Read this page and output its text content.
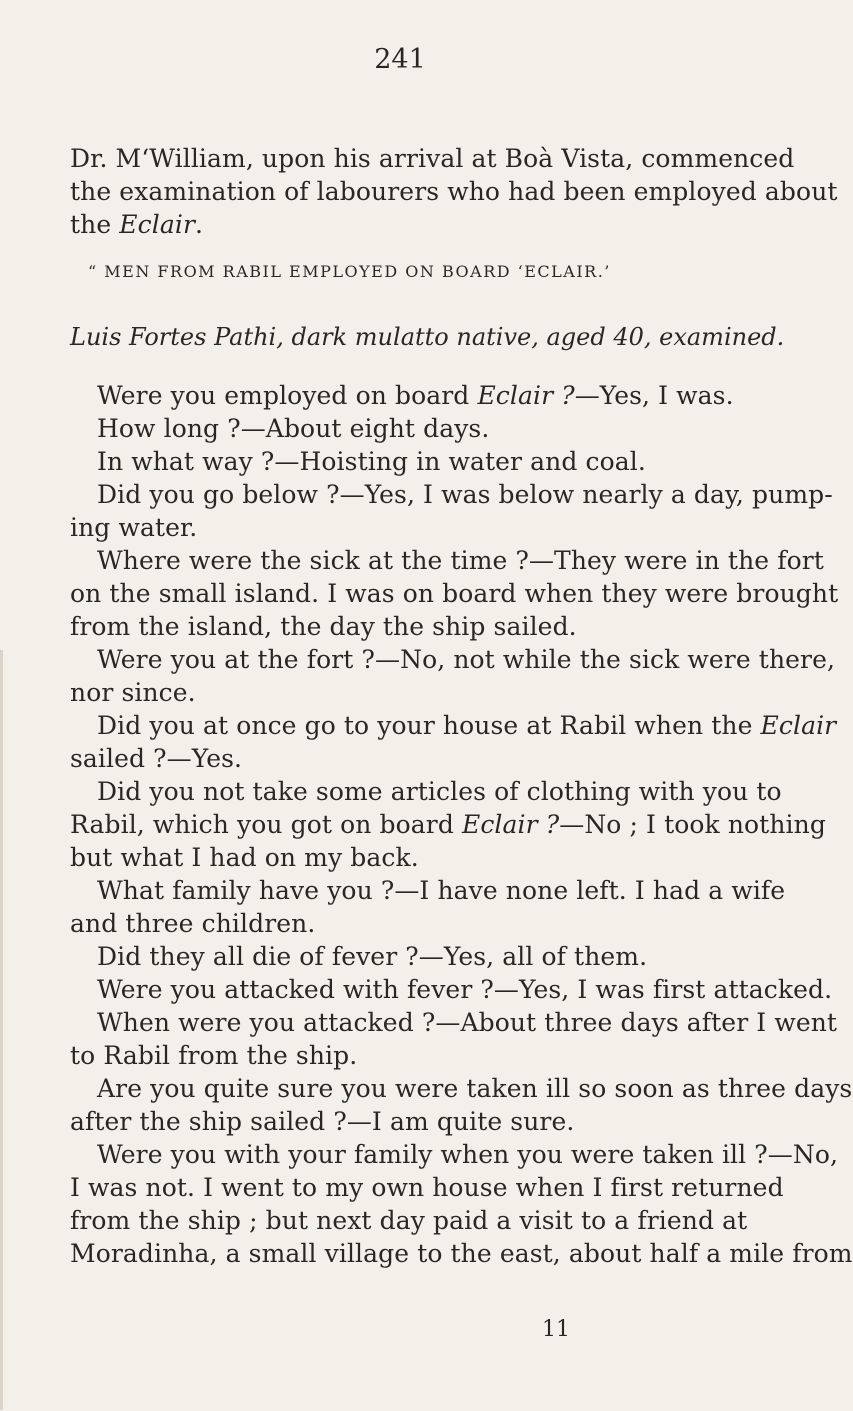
241
Dr. M‘William, upon his arrival at Boà Vista, commenced
the examination of labourers who had been employed about
the Eclair.
“ MEN FROM RABIL EMPLOYED ON BOARD ‘ECLAIR.’
Luis Fortes Pathi, dark mulatto native, aged 40, examined.
Were you employed on board Eclair ?—Yes, I was.
How long ?—About eight days.
In what way ?—Hoisting in water and coal.
Did you go below ?—Yes, I was below nearly a day, pump-
ing water.
Where were the sick at the time ?—They were in the fort
on the small island. I was on board when they were brought
from the island, the day the ship sailed.
Were you at the fort ?—No, not while the sick were there,
nor since.
Did you at once go to your house at Rabil when the Eclair
sailed ?—Yes.
Did you not take some articles of clothing with you to
Rabil, which you got on board Eclair ?—No ; I took nothing
but what I had on my back.
What family have you ?—I have none left. I had a wife
and three children.
Did they all die of fever ?—Yes, all of them.
Were you attacked with fever ?—Yes, I was first attacked.
When were you attacked ?—About three days after I went
to Rabil from the ship.
Are you quite sure you were taken ill so soon as three days
after the ship sailed ?—I am quite sure.
Were you with your family when you were taken ill ?—No,
I was not. I went to my own house when I first returned
from the ship ; but next day paid a visit to a friend at
Moradinha, a small village to the east, about half a mile from
11
